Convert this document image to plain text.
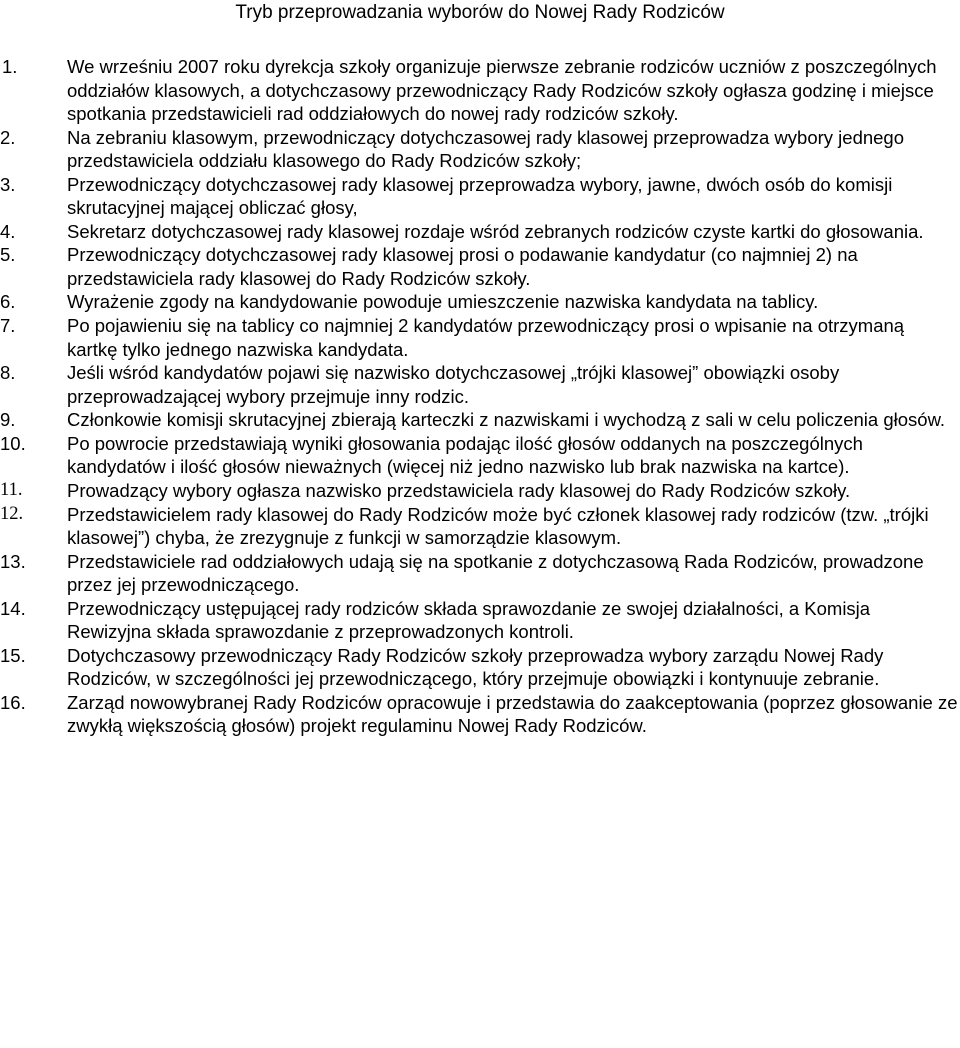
Tryb przeprowadzania wyborów do Nowej Rady Rodziców
1.	We wrześniu 2007 roku dyrekcja szkoły organizuje pierwsze zebranie rodziców uczniów z poszczególnych oddziałów klasowych, a dotychczasowy przewodniczący Rady Rodziców szkoły ogłasza godzinę i miejsce spotkania przedstawicieli rad oddziałowych do nowej rady rodziców szkoły.
2.	Na zebraniu klasowym, przewodniczący dotychczasowej rady klasowej przeprowadza wybory jednego przedstawiciela oddziału klasowego do Rady Rodziców szkoły;
3.	Przewodniczący dotychczasowej rady klasowej przeprowadza wybory, jawne, dwóch osób do komisji skrutacyjnej mającej obliczać głosy,
4.	Sekretarz dotychczasowej rady klasowej rozdaje wśród zebranych rodziców czyste kartki do głosowania.
5.	Przewodniczący dotychczasowej rady klasowej prosi o podawanie kandydatur (co najmniej 2) na przedstawiciela rady klasowej do Rady Rodziców szkoły.
6.	Wyrażenie zgody na kandydowanie powoduje umieszczenie nazwiska kandydata na tablicy.
7.	Po pojawieniu się na tablicy co najmniej 2 kandydatów przewodniczący prosi o wpisanie na otrzymaną kartkę tylko jednego nazwiska kandydata.
8.	Jeśli wśród kandydatów pojawi się nazwisko dotychczasowej „trójki klasowej” obowiązki osoby przeprowadzającej wybory przejmuje inny rodzic.
9.	Członkowie komisji skrutacyjnej zbierają karteczki z nazwiskami i wychodzą z sali w celu policzenia głosów.
10.	Po powrocie przedstawiają wyniki głosowania podając ilość głosów oddanych na poszczególnych kandydatów i ilość głosów nieważnych (więcej niż jedno nazwisko lub brak nazwiska na kartce).
11.	Prowadzący wybory ogłasza nazwisko przedstawiciela rady klasowej do Rady Rodziców szkoły.
12.	Przedstawicielem rady klasowej do Rady Rodziców może być członek klasowej rady rodziców (tzw. „trójki klasowej”) chyba, że zrezygnuje z funkcji w samorządzie klasowym.
13.	Przedstawiciele rad oddziałowych udają się na spotkanie z dotychczasową Rada Rodziców, prowadzone przez jej przewodniczącego.
14.	Przewodniczący ustępującej rady rodziców składa sprawozdanie ze swojej działalności, a Komisja Rewizyjna składa sprawozdanie z przeprowadzonych kontroli.
15.	Dotychczasowy przewodniczący Rady Rodziców szkoły przeprowadza wybory zarządu Nowej Rady Rodziców, w szczególności jej przewodniczącego, który przejmuje obowiązki i kontynuuje zebranie.
16.	Zarząd nowowybranej Rady Rodziców opracowuje i przedstawia do zaakceptowania (poprzez głosowanie ze zwykłą większością głosów) projekt regulaminu Nowej Rady Rodziców.
